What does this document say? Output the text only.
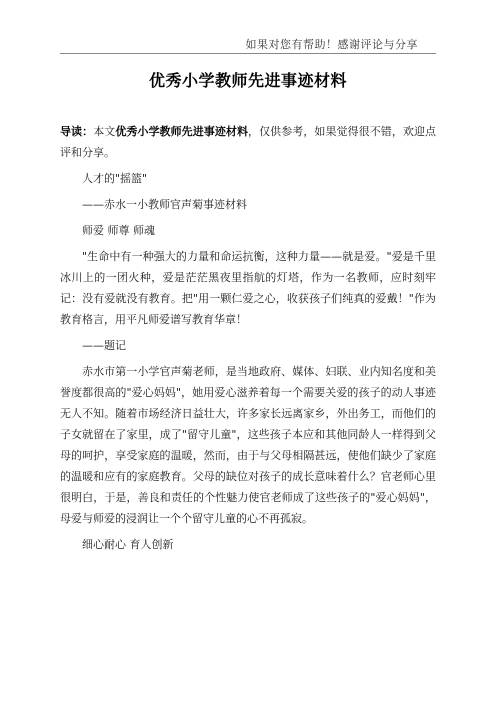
如果对您有帮助！感谢评论与分享
优秀小学教师先进事迹材料

导读：本文优秀小学教师先进事迹材料，仅供参考，如果觉得很不错，欢迎点评和分享。

人才的"摇篮"

——赤水一小教师官声菊事迹材料

师爱 师尊 师魂

"生命中有一种强大的力量和命运抗衡，这种力量——就是爱。"爱是千里冰川上的一团火种，爱是茫茫黑夜里指航的灯塔，作为一名教师，应时刻牢记：没有爱就没有教育。把"用一颗仁爱之心，收获孩子们纯真的爱戴！"作为教育格言，用平凡师爱谱写教育华章！

——题记

赤水市第一小学官声菊老师，是当地政府、媒体、妇联、业内知名度和美誉度都很高的"爱心妈妈"，她用爱心滋养着每一个需要关爱的孩子的动人事迹无人不知。随着市场经济日益壮大，许多家长远离家乡，外出务工，而他们的子女就留在了家里，成了"留守儿童"，这些孩子本应和其他同龄人一样得到父母的呵护，享受家庭的温暖，然而，由于与父母相隔甚远，使他们缺少了家庭的温暖和应有的家庭教育。父母的缺位对孩子的成长意味着什么？官老师心里很明白，于是，善良和责任的个性魅力使官老师成了这些孩子的"爱心妈妈"，母爱与师爱的浸润让一个个留守儿童的心不再孤寂。

细心耐心 育人创新
